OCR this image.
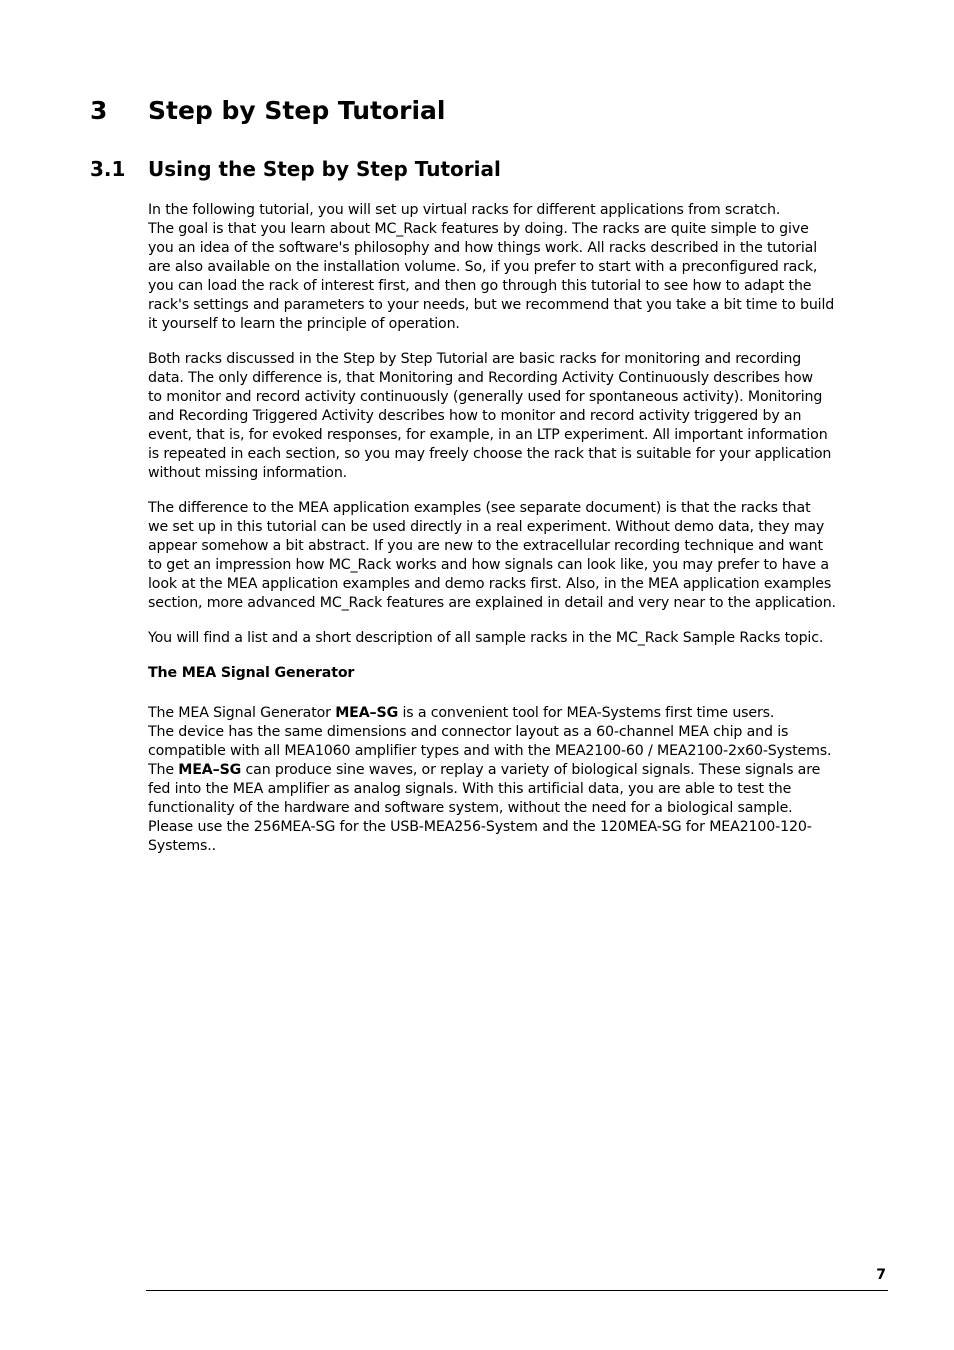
3 Step by Step Tutorial
3.1 Using the Step by Step Tutorial

In the following tutorial, you will set up virtual racks for different applications from scratch.
The goal is that you learn about MC_Rack features by doing. The racks are quite simple to give
you an idea of the software's philosophy and how things work. All racks described in the tutorial
are also available on the installation volume. So, if you prefer to start with a preconfigured rack,
you can load the rack of interest first, and then go through this tutorial to see how to adapt the
rack's settings and parameters to your needs, but we recommend that you take a bit time to build
it yourself to learn the principle of operation.

Both racks discussed in the Step by Step Tutorial are basic racks for monitoring and recording
data. The only difference is, that Monitoring and Recording Activity Continuously describes how
to monitor and record activity continuously (generally used for spontaneous activity). Monitoring
and Recording Triggered Activity describes how to monitor and record activity triggered by an
event, that is, for evoked responses, for example, in an LTP experiment. All important information
is repeated in each section, so you may freely choose the rack that is suitable for your application
without missing information.

The difference to the MEA application examples (see separate document) is that the racks that
we set up in this tutorial can be used directly in a real experiment. Without demo data, they may
appear somehow a bit abstract. If you are new to the extracellular recording technique and want
to get an impression how MC_Rack works and how signals can look like, you may prefer to have a
look at the MEA application examples and demo racks first. Also, in the MEA application examples
section, more advanced MC_Rack features are explained in detail and very near to the application.

You will find a list and a short description of all sample racks in the MC_Rack Sample Racks topic.

The MEA Signal Generator

The MEA Signal Generator MEA–SG is a convenient tool for MEA-Systems first time users.
The device has the same dimensions and connector layout as a 60-channel MEA chip and is
compatible with all MEA1060 amplifier types and with the MEA2100-60 / MEA2100-2x60-Systems.
The MEA–SG can produce sine waves, or replay a variety of biological signals. These signals are
fed into the MEA amplifier as analog signals. With this artificial data, you are able to test the
functionality of the hardware and software system, without the need for a biological sample.
Please use the 256MEA-SG for the USB-MEA256-System and the 120MEA-SG for MEA2100-120-
Systems..

7
